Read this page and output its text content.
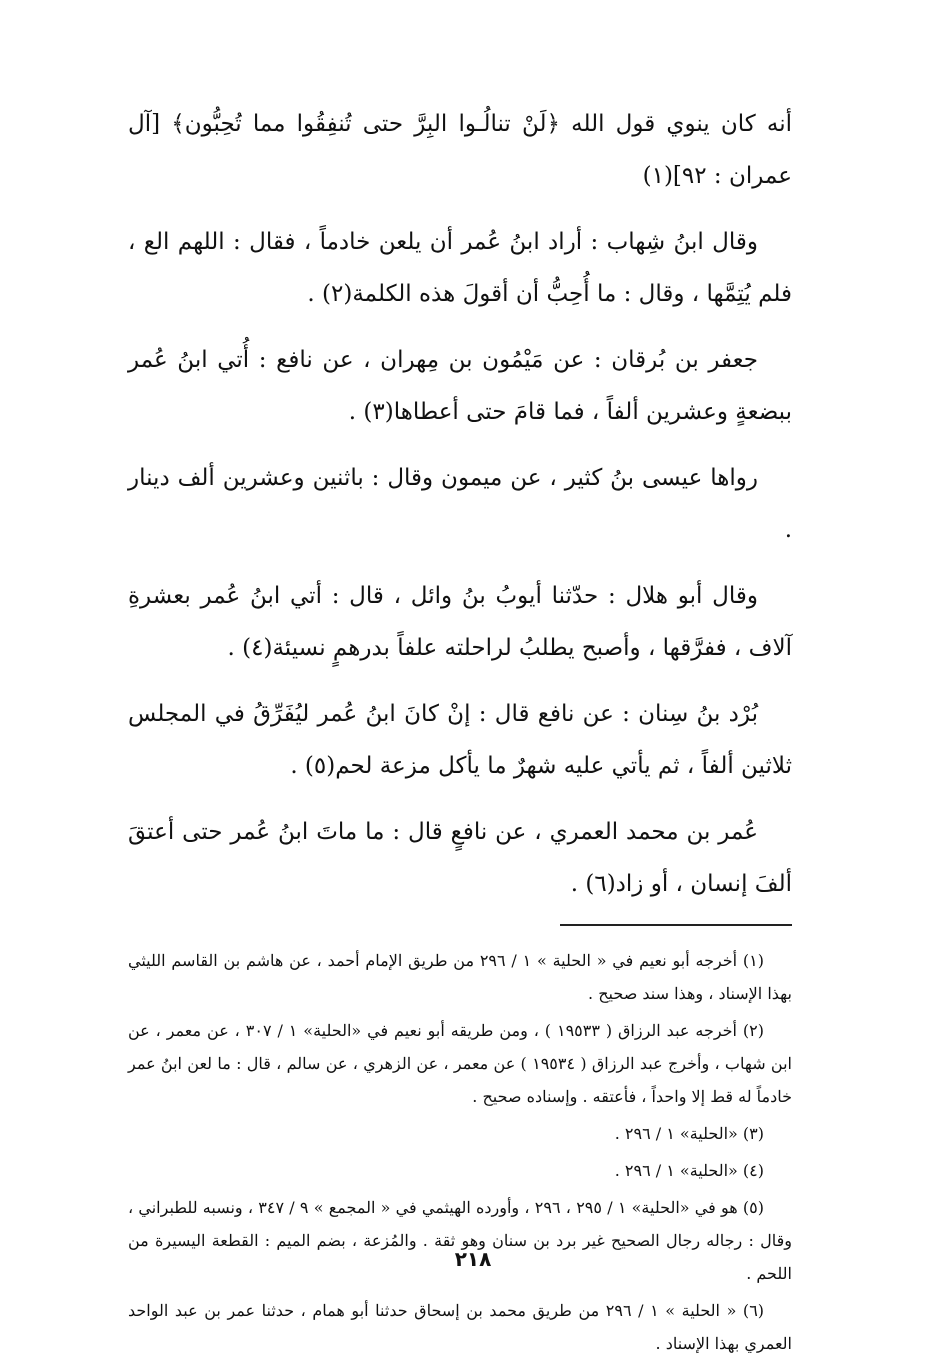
أنه كان ينوي قول الله ﴿لَنْ تنالُـوا البِرَّ حتى تُنفِقُوا مما تُحِبُّون﴾ [آل عمران : ٩٢](١)

وقال ابنُ شِهاب : أراد ابنُ عُمر أن يلعن خادماً ، فقال : اللهم الع ، فلم يُتِمَّها ، وقال : ما أُحِبُّ أن أقولَ هذه الكلمة(٢) .

جعفر بن بُرقان : عن مَيْمُون بن مِهران ، عن نافع : أُتي ابنُ عُمر ببضعةٍ وعشرين ألفاً ، فما قامَ حتى أعطاها(٣) .

رواها عيسى بنُ كثير ، عن ميمون وقال : باثنين وعشرين ألف دينار .

وقال أبو هلال : حدّثنا أيوبُ بنُ وائل ، قال : أتي ابنُ عُمر بعشرةِ آلاف ، ففرَّقها ، وأصبح يطلبُ لراحلته علفاً بدرهمٍ نسيئة(٤) .

بُرْد بنُ سِنان : عن نافع قال : إنْ كانَ ابنُ عُمر ليُفَرِّقُ في المجلس ثلاثين ألفاً ، ثم يأتي عليه شهرٌ ما يأكل مزعة لحم(٥) .

عُمر بن محمد العمري ، عن نافعٍ قال : ما ماتَ ابنُ عُمر حتى أعتقَ ألفَ إنسان ، أو زاد(٦) .

(١) أخرجه أبو نعيم في « الحلية » ١ / ٢٩٦ من طريق الإمام أحمد ، عن هاشم بن القاسم الليثي بهذا الإسناد ، وهذا سند صحيح .

(٢) أخرجه عبد الرزاق ( ١٩٥٣٣ ) ، ومن طريقه أبو نعيم في «الحلية» ١ / ٣٠٧ ، عن معمر ، عن ابن شهاب ، وأخرج عبد الرزاق ( ١٩٥٣٤ ) عن معمر ، عن الزهري ، عن سالم ، قال : ما لعن ابنُ عمر خادماً له قط إلا واحداً ، فأعتقه . وإسناده صحيح .

(٣) «الحلية» ١ / ٢٩٦ .

(٤) «الحلية» ١ / ٢٩٦ .

(٥) هو في «الحلية» ١ / ٢٩٥ ، ٢٩٦ ، وأورده الهيثمي في « المجمع » ٩ / ٣٤٧ ، ونسبه للطبراني ، وقال : رجاله رجال الصحيح غير برد بن سنان وهو ثقة . والمُزعة ، بضم الميم : القطعة اليسيرة من اللحم .

(٦) « الحلية » ١ / ٢٩٦ من طريق محمد بن إسحاق حدثنا أبو همام ، حدثنا عمر بن عبد الواحد العمري بهذا الإسناد .

٢١٨
